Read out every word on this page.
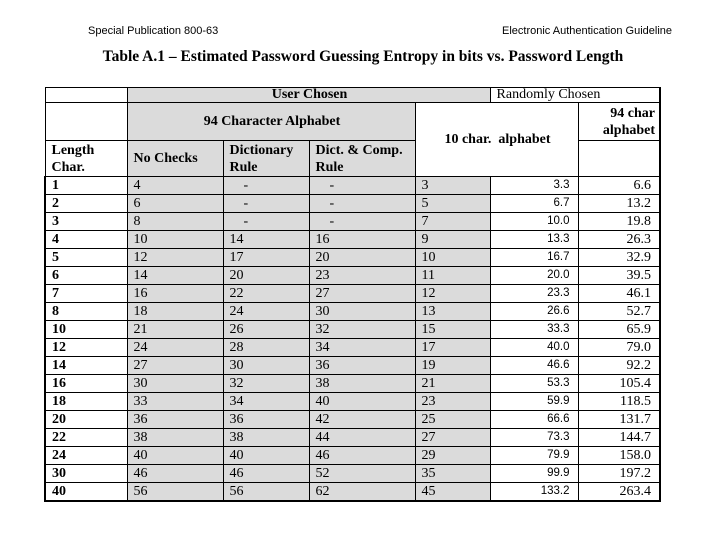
Special Publication 800-63	Electronic Authentication Guideline
Table A.1 – Estimated Password Guessing Entropy in bits vs. Password Length
	User Chosen				Randomly Chosen	
	94 Character Alphabet			10 char.  alphabet		94 char alphabet
Length Char.	No Checks	Dictionary Rule	Dict. & Comp. Rule			
1	4	-	-	3	3.3	6.6
2	6	-	-	5	6.7	13.2
3	8	-	-	7	10.0	19.8
4	10	14	16	9	13.3	26.3
5	12	17	20	10	16.7	32.9
6	14	20	23	11	20.0	39.5
7	16	22	27	12	23.3	46.1
8	18	24	30	13	26.6	52.7
10	21	26	32	15	33.3	65.9
12	24	28	34	17	40.0	79.0
14	27	30	36	19	46.6	92.2
16	30	32	38	21	53.3	105.4
18	33	34	40	23	59.9	118.5
20	36	36	42	25	66.6	131.7
22	38	38	44	27	73.3	144.7
24	40	40	46	29	79.9	158.0
30	46	46	52	35	99.9	197.2
40	56	56	62	45	133.2	263.4
